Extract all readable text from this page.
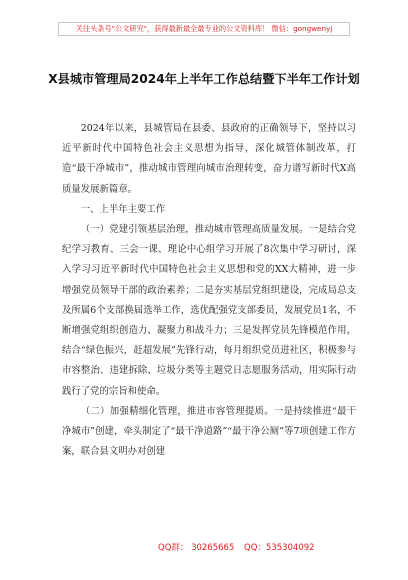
关注头条号"公文研究"，获得最新最全最专业的公文资料库！ 微信：gongwenyj
X县城市管理局2024年上半年工作总结暨下半年工作计划

2024年以来，县城管局在县委、县政府的正确领导下，坚持以习近平新时代中国特色社会主义思想为指导，深化城管体制改革，打造“最干净城市”，推动城市管理向城市治理转变，奋力谱写新时代X高质量发展新篇章。

一、上半年主要工作

（一）党建引领基层治理，推动城市管理高质量发展。一是结合党纪学习教育、三会一课、理论中心组学习开展了8次集中学习研讨，深入学习习近平新时代中国特色社会主义思想和党的XX大精神，进一步增强党员领导干部的政治素养；二是夯实基层党组织建设，完成局总支及所属6个支部换届选举工作，选优配强党支部委员，发展党员1名，不断增强党组织创造力、凝聚力和战斗力；三是发挥党员先锋模范作用，结合“绿色振兴，赶超发展”先锋行动，每月组织党员进社区，积极参与市容整治、违建拆除、垃圾分类等主题党日志愿服务活动，用实际行动践行了党的宗旨和使命。

（二）加强精细化管理，推进市容管理提质。一是持续推进“最干净城市”创建，牵头制定了“最干净道路”“最干净公厕”等7项创建工作方案，联合县文明办对创建

QQ群： 30265665 QQ：535304092
